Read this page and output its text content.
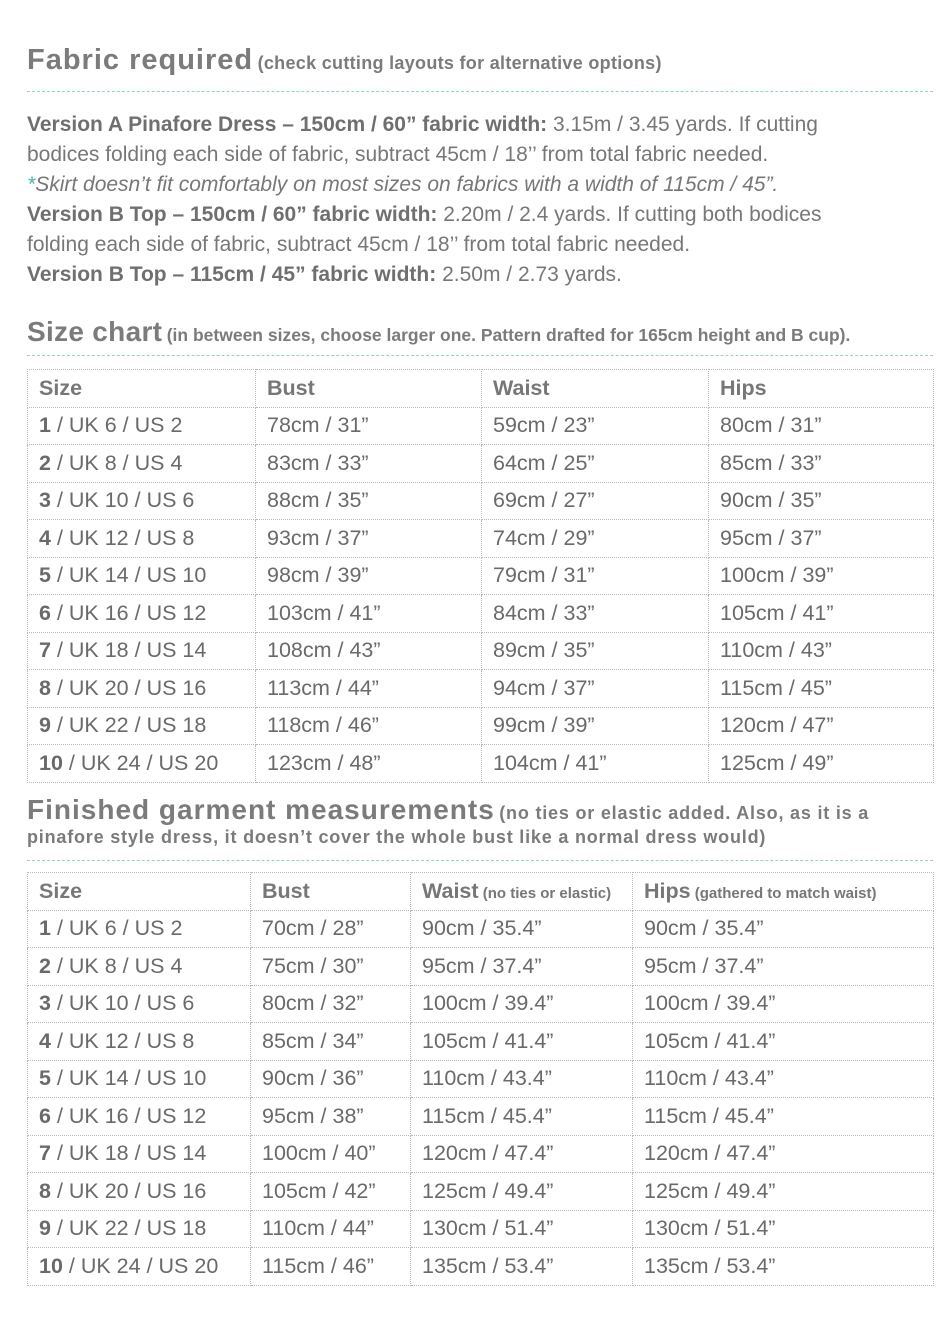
Fabric required (check cutting layouts for alternative options)

Version A Pinafore Dress – 150cm / 60” fabric width: 3.15m / 3.45 yards. If cutting

bodices folding each side of fabric, subtract 45cm / 18’’ from total fabric needed.

*Skirt doesn’t fit comfortably on most sizes on fabrics with a width of 115cm / 45”.

Version B Top – 150cm / 60” fabric width: 2.20m / 2.4 yards. If cutting both bodices

folding each side of fabric, subtract 45cm / 18’’ from total fabric needed.

Version B Top – 115cm / 45” fabric width: 2.50m / 2.73 yards.

Size chart (in between sizes, choose larger one. Pattern drafted for 165cm height and B cup).
Size	Bust	Waist	Hips
1 / UK 6 / US 2	78cm / 31”	59cm / 23”	80cm / 31”
2 / UK 8 / US 4	83cm / 33”	64cm / 25”	85cm / 33”
3 / UK 10 / US 6	88cm / 35”	69cm / 27”	90cm / 35”
4 / UK 12 / US 8	93cm / 37”	74cm / 29”	95cm / 37”
5 / UK 14 / US 10	98cm / 39”	79cm / 31”	100cm / 39”
6 / UK 16 / US 12	103cm / 41”	84cm / 33”	105cm / 41”
7 / UK 18 / US 14	108cm / 43”	89cm / 35”	110cm / 43”
8 / UK 20 / US 16	113cm / 44”	94cm / 37”	115cm / 45”
9 / UK 22 / US 18	118cm / 46”	99cm / 39”	120cm / 47”
10 / UK 24 / US 20	123cm / 48”	104cm / 41”	125cm / 49”
Finished garment measurements (no ties or elastic added. Also, as it is a
pinafore style dress, it doesn’t cover the whole bust like a normal dress would)
Size	Bust	Waist (no ties or elastic)	Hips (gathered to match waist)
1 / UK 6 / US 2	70cm / 28”	90cm / 35.4”	90cm / 35.4”
2 / UK 8 / US 4	75cm / 30”	95cm / 37.4”	95cm / 37.4”
3 / UK 10 / US 6	80cm / 32”	100cm / 39.4”	100cm / 39.4”
4 / UK 12 / US 8	85cm / 34”	105cm / 41.4”	105cm / 41.4”
5 / UK 14 / US 10	90cm / 36”	110cm / 43.4”	110cm / 43.4”
6 / UK 16 / US 12	95cm / 38”	115cm / 45.4”	115cm / 45.4”
7 / UK 18 / US 14	100cm / 40”	120cm / 47.4”	120cm / 47.4”
8 / UK 20 / US 16	105cm / 42”	125cm / 49.4”	125cm / 49.4”
9 / UK 22 / US 18	110cm / 44”	130cm / 51.4”	130cm / 51.4”
10 / UK 24 / US 20	115cm / 46”	135cm / 53.4”	135cm / 53.4”
